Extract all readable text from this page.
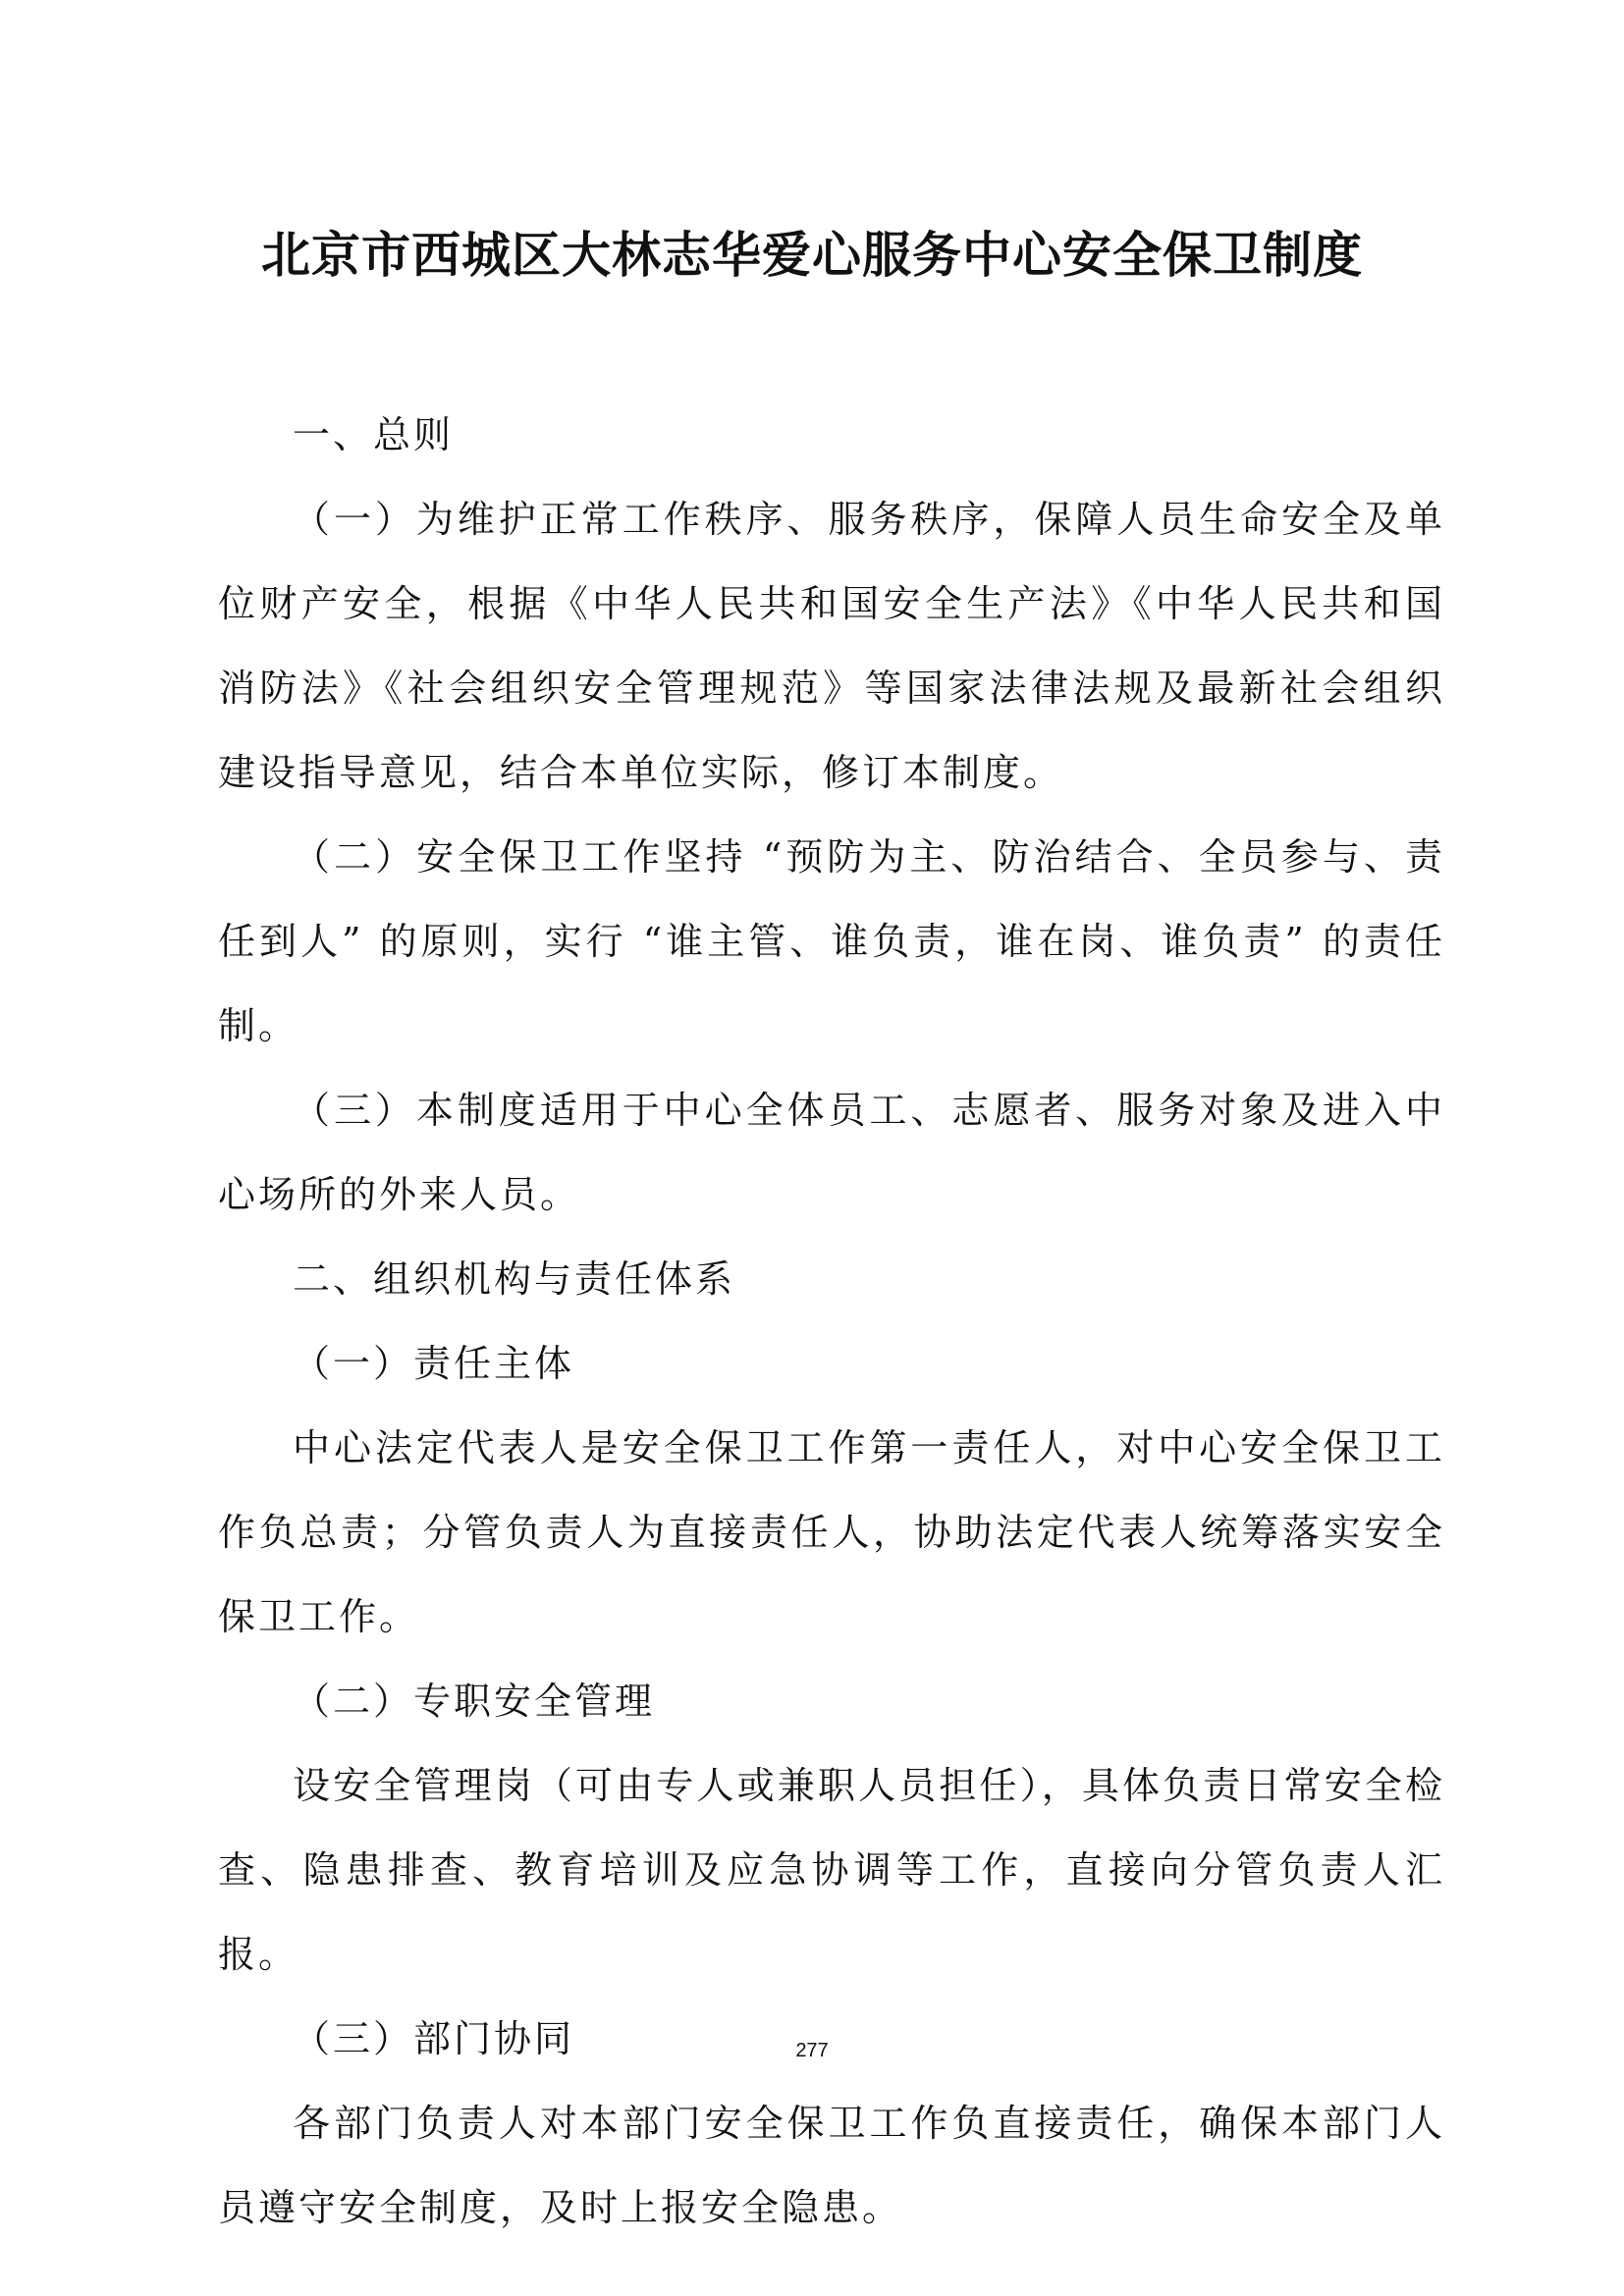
北京市西城区大林志华爱心服务中心安全保卫制度

一、总则

（一）为维护正常工作秩序、服务秩序，保障人员生命安全及单位财产安全，根据《中华人民共和国安全生产法》《中华人民共和国消防法》《社会组织安全管理规范》等国家法律法规及最新社会组织建设指导意见，结合本单位实际，修订本制度。

（二）安全保卫工作坚持 “预防为主、防治结合、全员参与、责任到人” 的原则，实行 “谁主管、谁负责，谁在岗、谁负责” 的责任制。

（三）本制度适用于中心全体员工、志愿者、服务对象及进入中心场所的外来人员。

二、组织机构与责任体系

（一）责任主体

中心法定代表人是安全保卫工作第一责任人，对中心安全保卫工作负总责；分管负责人为直接责任人，协助法定代表人统筹落实安全保卫工作。

（二）专职安全管理

设安全管理岗（可由专人或兼职人员担任），具体负责日常安全检查、隐患排查、教育培训及应急协调等工作，直接向分管负责人汇报。

（三）部门协同

各部门负责人对本部门安全保卫工作负直接责任，确保本部门人员遵守安全制度，及时上报安全隐患。

277
